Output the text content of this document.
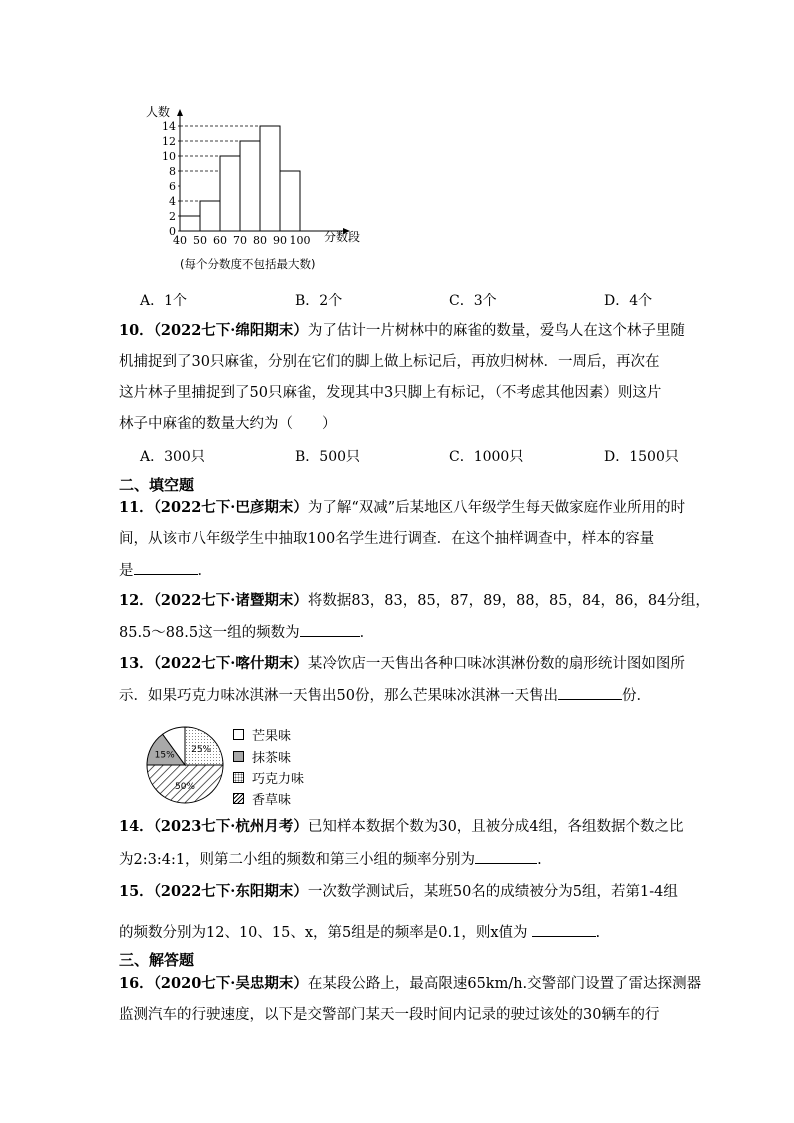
人数
0
2
4
6
8
10
12
14
40 50 60 70 80 90 100 分数段
(每个分数度不包括最大数)
A．1个	B．2个	C．3个	D．4个
10．（2022七下·绵阳期末）为了估计一片树林中的麻雀的数量，爱鸟人在这个林子里随
机捕捉到了30只麻雀，分别在它们的脚上做上标记后，再放归树林．一周后，再次在
这片林子里捕捉到了50只麻雀，发现其中3只脚上有标记，（不考虑其他因素）则这片
林子中麻雀的数量大约为（　　）
A．300只	B．500只	C．1000只	D．1500只
二、填空题
11．（2022七下·巴彦期末）为了解“双减”后某地区八年级学生每天做家庭作业所用的时
间，从该市八年级学生中抽取100名学生进行调查．在这个抽样调查中，样本的容量
是	．
12．（2022七下·诸暨期末）将数据83，83，85，87，89，88，85，84，86，84分组，
85.5～88.5这一组的频数为	．
13．（2022七下·喀什期末）某冷饮店一天售出各种口味冰淇淋份数的扇形统计图如图所
示．如果巧克力味冰淇淋一天售出50份，那么芒果味冰淇淋一天售出	份．
15%
25%
50%
芒果味
抹茶味
巧克力味
香草味
14．（2023七下·杭州月考）已知样本数据个数为30，且被分成4组，各组数据个数之比
为2:3:4:1，则第二小组的频数和第三小组的频率分别为	.
15．（2022七下·东阳期末）一次数学测试后，某班50名的成绩被分为5组，若第1-4组
的频数分别为12、10、15、x，第5组是的频率是0.1，则x值为	.
三、解答题
16．（2020七下·吴忠期末）在某段公路上，最高限速65km/h.交警部门设置了雷达探测器
监测汽车的行驶速度，以下是交警部门某天一段时间内记录的驶过该处的30辆车的行
